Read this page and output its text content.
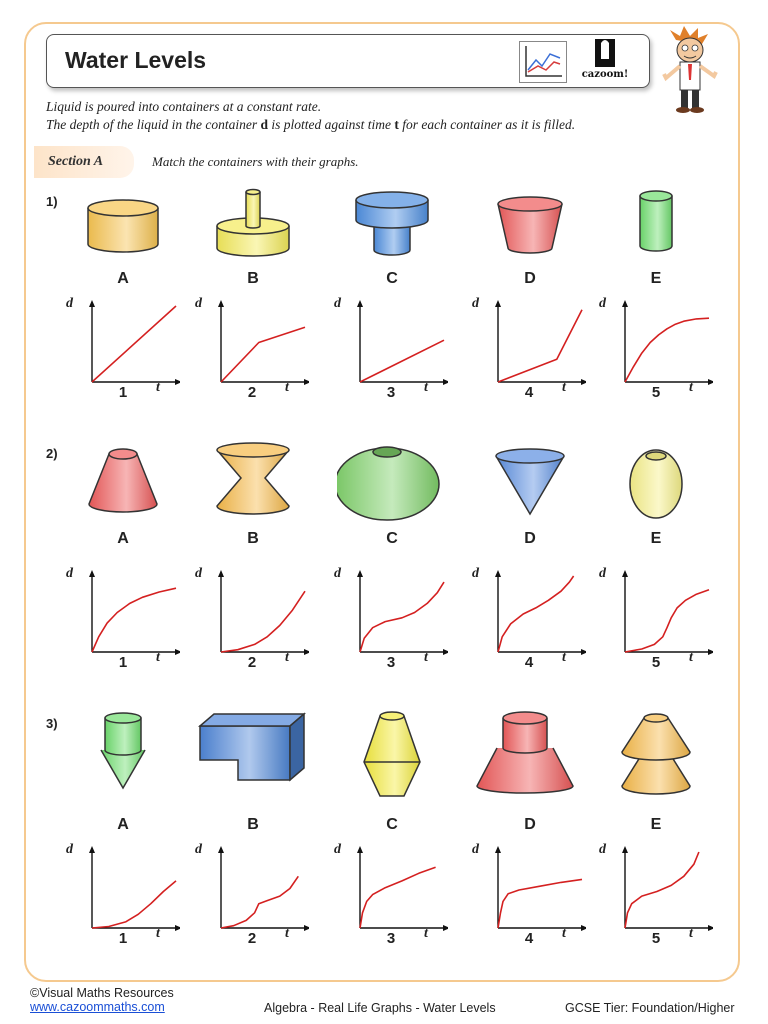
Water Levels
cazoom!
Liquid is poured into containers at a constant rate.
The depth of the liquid in the container d is plotted against time t for each container as it is filled.
Section A	Match the containers with their graphs.
1)
A	B	C	D	E
d
t
1
d
t
2
d
t
3
d
t
4
d
t
5
2)
A	B	C	D	E
d
t
1
d
t
2
d
t
3
d
t
4
d
t
5
3)
A	B	C	D	E
d
t
1
d
t
2
d
t
3
d
t
4
d
t
5
©Visual Maths Resources
www.cazoommaths.com	Algebra - Real Life Graphs - Water Levels	GCSE Tier: Foundation/Higher
